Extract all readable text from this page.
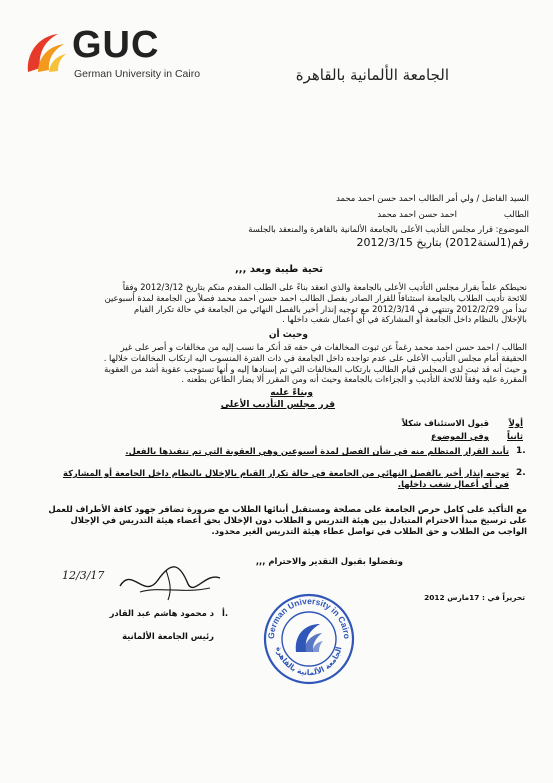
GUC
German University in Cairo	الجامعة الألمانية بالقاهرة
السيد الفاضل / ولي أمر الطالب احمد حسن احمد محمد
الطالب
احمد حسن احمد محمد
الموضوع: قرار مجلس التأديب الأعلى بالجامعة الألمانية بالقاهرة والمنعقد بالجلسة
رقم(1لسنة2012) بتاريخ 2012/3/15
تحية طيبة وبعد ,,,
نحيطكم علماً بقرار مجلس التأديب الأعلى بالجامعة والذي انعقد بناءً على الطلب المقدم منكم بتاريخ 2012/3/12 وفقاً
للائحة تأديب الطلاب بالجامعة استئنافاً للقرار الصادر بفصل الطالب احمد حسن احمد محمد فصلاً من الجامعة لمدة أسبوعين
تبدأ من 2012/2/29 وتنتهي في 2012/3/14 مع توجيه إنذار أخير بالفصل النهائي من الجامعة في حالة تكرار القيام
بالإخلال بالنظام داخل الجامعة أو المشاركة في أي أعمال شغب داخلها .
وحيث أن
الطالب / احمد حسن احمد محمد رغماً عن ثبوت المخالفات في حقه قد أنكر ما نسب إليه من مخالفات و أصر على غير
الحقيقة أمام مجلس التأديب الأعلى على عدم تواجده داخل الجامعة في ذات الفترة المنسوب اليه ارتكاب المخالفات خلالها .
و حيث أنه قد ثبت لدى المجلس قيام الطالب بارتكاب المخالفات التي تم إسنادها إليه و أنها تستوجب عقوبة أشد من العقوبة
المقررة عليه وفقاً للائحة التأديب و الجزاءات بالجامعة وحيث أنه ومن المقرر ألا يضار الطاعن بطعنه .
وبناءً عليه
قرر مجلس التأديب الأعلى
أولاً
قبول الاستئناف شكلاً
ثانياً
وفي الموضوع
1.
تأييد القرار المتظلم منه في شأن الفصل لمدة أسبوعين وهي العقوبة التي تم تنفيذها بالفعل.
2.
توجيه إنذار أخير بالفصل النهائي من الجامعة في حالة تكرار القيام بالإخلال بالنظام داخل الجامعة أو المشاركة
في أي أعمال شغب داخلها.
مع التأكيد على كامل حرص الجامعة على مصلحة ومستقبل أبنائها الطلاب مع ضرورة تضافر جهود كافة الأطراف للعمل
على ترسيخ مبدأ الاحترام المتبادل بين هيئة التدريس و الطلاب دون الإخلال بحق أعضاء هيئة التدريس في الإجلال
الواجب من الطلاب و حق الطلاب في تواصل عطاء هيئة التدريس الغير محدود.
وتفضلوا بقبول التقدير والاحترام ,,,
12/3/17
تحريراً في : 17مارس 2012
أ.
د محمود هاشم عبد القادر
رئيس الجامعة الألمانية	German University in Cairo
الجامعة الألمانية بالقاهرة
